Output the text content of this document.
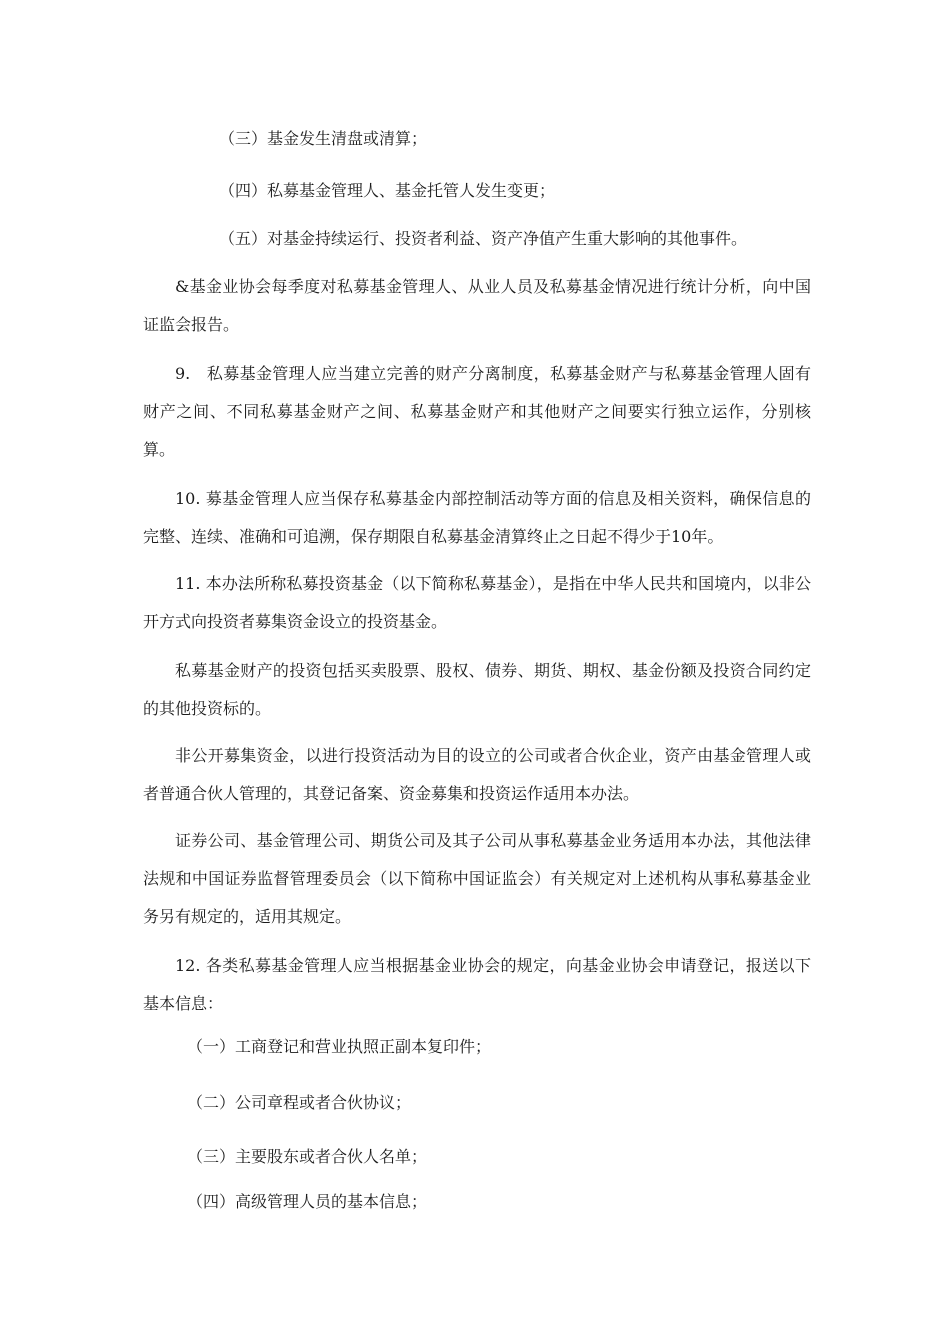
（三）基金发生清盘或清算；

（四）私募基金管理人、基金托管人发生变更；

（五）对基金持续运行、投资者利益、资产净值产生重大影响的其他事件。

&基金业协会每季度对私募基金管理人、从业人员及私募基金情况进行统计分析，向中国证监会报告。

9.　私募基金管理人应当建立完善的财产分离制度，私募基金财产与私募基金管理人固有财产之间、不同私募基金财产之间、私募基金财产和其他财产之间要实行独立运作，分别核算。

10. 募基金管理人应当保存私募基金内部控制活动等方面的信息及相关资料，确保信息的完整、连续、准确和可追溯，保存期限自私募基金清算终止之日起不得少于10年。

11. 本办法所称私募投资基金（以下简称私募基金），是指在中华人民共和国境内，以非公开方式向投资者募集资金设立的投资基金。

私募基金财产的投资包括买卖股票、股权、债券、期货、期权、基金份额及投资合同约定的其他投资标的。

非公开募集资金，以进行投资活动为目的设立的公司或者合伙企业，资产由基金管理人或者普通合伙人管理的，其登记备案、资金募集和投资运作适用本办法。

证券公司、基金管理公司、期货公司及其子公司从事私募基金业务适用本办法，其他法律法规和中国证券监督管理委员会（以下简称中国证监会）有关规定对上述机构从事私募基金业务另有规定的，适用其规定。

12. 各类私募基金管理人应当根据基金业协会的规定，向基金业协会申请登记，报送以下基本信息：

（一）工商登记和营业执照正副本复印件；

（二）公司章程或者合伙协议；

（三）主要股东或者合伙人名单；

（四）高级管理人员的基本信息；
